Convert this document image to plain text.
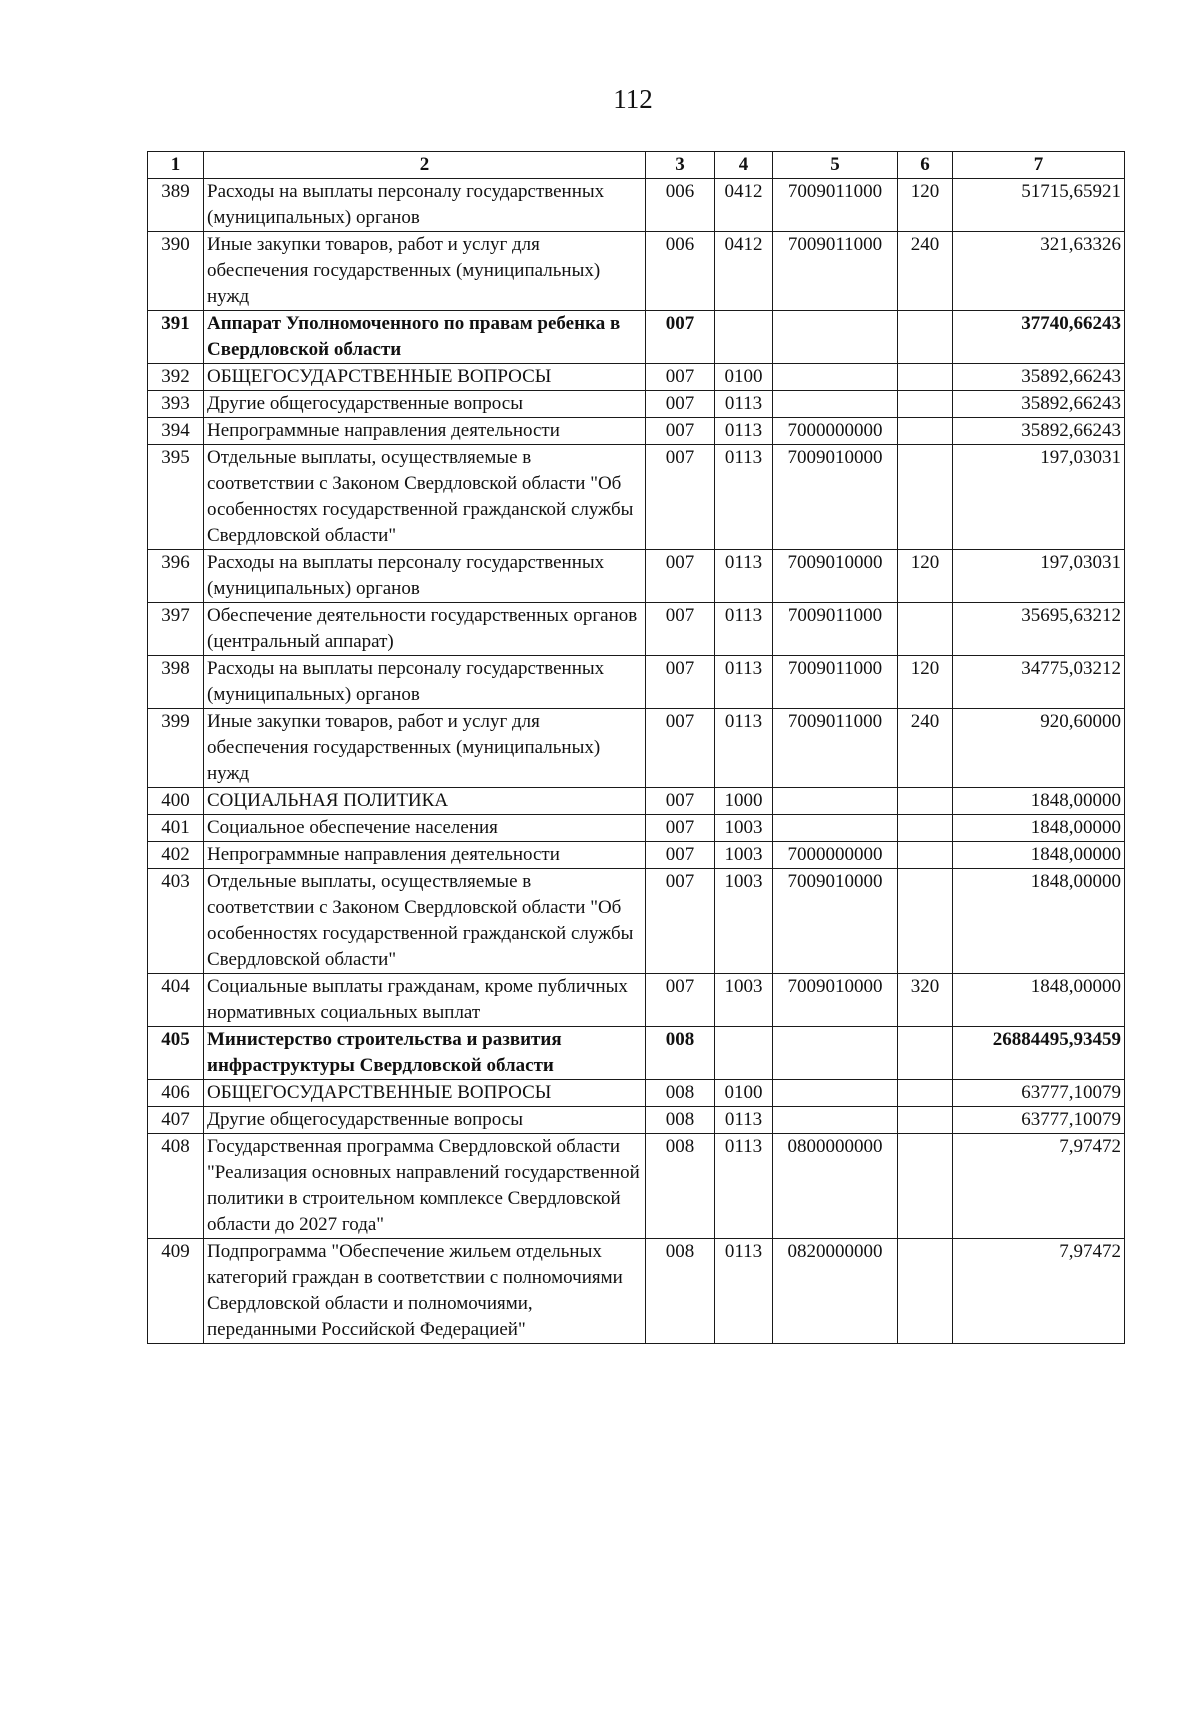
112
1	2	3	4	5	6	7
389	Расходы на выплаты персоналу государственных (муниципальных) органов	006	0412	7009011000	120	51715,65921
390	Иные закупки товаров, работ и услуг для обеспечения государственных (муниципальных) нужд	006	0412	7009011000	240	321,63326
391	Аппарат Уполномоченного по правам ребенка в Свердловской области	007				37740,66243
392	ОБЩЕГОСУДАРСТВЕННЫЕ ВОПРОСЫ	007	0100			35892,66243
393	Другие общегосударственные вопросы	007	0113			35892,66243
394	Непрограммные направления деятельности	007	0113	7000000000		35892,66243
395	Отдельные выплаты, осуществляемые в соответствии с Законом Свердловской области "Об особенностях государственной гражданской службы Свердловской области"	007	0113	7009010000		197,03031
396	Расходы на выплаты персоналу государственных (муниципальных) органов	007	0113	7009010000	120	197,03031
397	Обеспечение деятельности государственных органов (центральный аппарат)	007	0113	7009011000		35695,63212
398	Расходы на выплаты персоналу государственных (муниципальных) органов	007	0113	7009011000	120	34775,03212
399	Иные закупки товаров, работ и услуг для обеспечения государственных (муниципальных) нужд	007	0113	7009011000	240	920,60000
400	СОЦИАЛЬНАЯ ПОЛИТИКА	007	1000			1848,00000
401	Социальное обеспечение населения	007	1003			1848,00000
402	Непрограммные направления деятельности	007	1003	7000000000		1848,00000
403	Отдельные выплаты, осуществляемые в соответствии с Законом Свердловской области "Об особенностях государственной гражданской службы Свердловской области"	007	1003	7009010000		1848,00000
404	Социальные выплаты гражданам, кроме публичных нормативных социальных выплат	007	1003	7009010000	320	1848,00000
405	Министерство строительства и развития инфраструктуры Свердловской области	008				26884495,93459
406	ОБЩЕГОСУДАРСТВЕННЫЕ ВОПРОСЫ	008	0100			63777,10079
407	Другие общегосударственные вопросы	008	0113			63777,10079
408	Государственная программа Свердловской области "Реализация основных направлений государственной политики в строительном комплексе Свердловской области до 2027 года"	008	0113	0800000000		7,97472
409	Подпрограмма "Обеспечение жильем отдельных категорий граждан в соответствии с полномочиями Свердловской области и полномочиями, переданными Российской Федерацией"	008	0113	0820000000		7,97472
